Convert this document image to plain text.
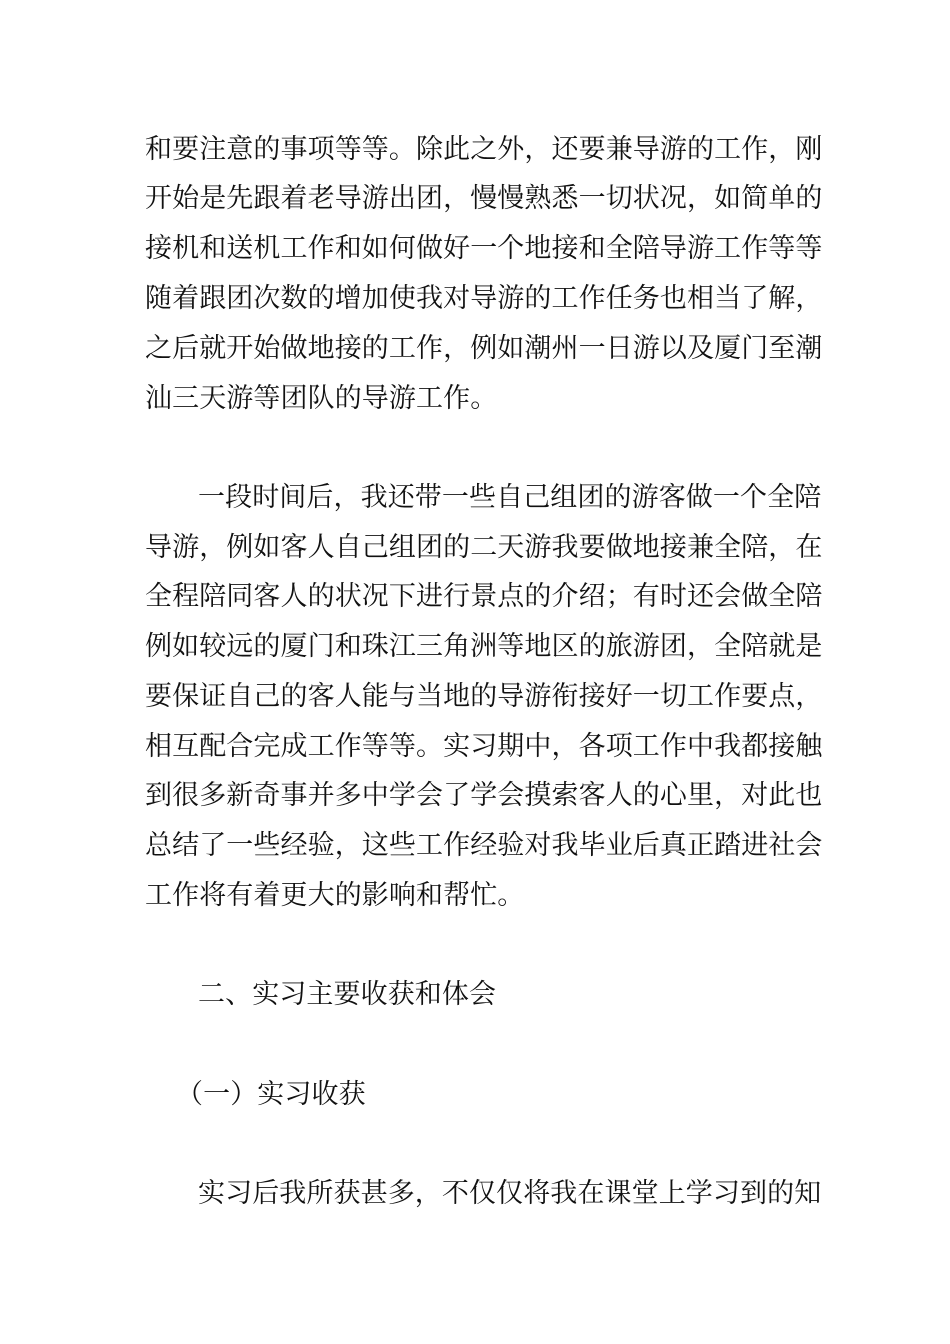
和要注意的事项等等。除此之外，还要兼导游的工作，刚
开始是先跟着老导游出团，慢慢熟悉一切状况，如简单的
接机和送机工作和如何做好一个地接和全陪导游工作等等
随着跟团次数的增加使我对导游的工作任务也相当了解，
之后就开始做地接的工作，例如潮州一日游以及厦门至潮
汕三天游等团队的导游工作。
一段时间后，我还带一些自己组团的游客做一个全陪
导游，例如客人自己组团的二天游我要做地接兼全陪，在
全程陪同客人的状况下进行景点的介绍；有时还会做全陪
例如较远的厦门和珠江三角洲等地区的旅游团，全陪就是
要保证自己的客人能与当地的导游衔接好一切工作要点，
相互配合完成工作等等。实习期中，各项工作中我都接触
到很多新奇事并多中学会了学会摸索客人的心里，对此也
总结了一些经验，这些工作经验对我毕业后真正踏进社会
工作将有着更大的影响和帮忙。
二、实习主要收获和体会
（一）实习收获
实习后我所获甚多，不仅仅将我在课堂上学习到的知
